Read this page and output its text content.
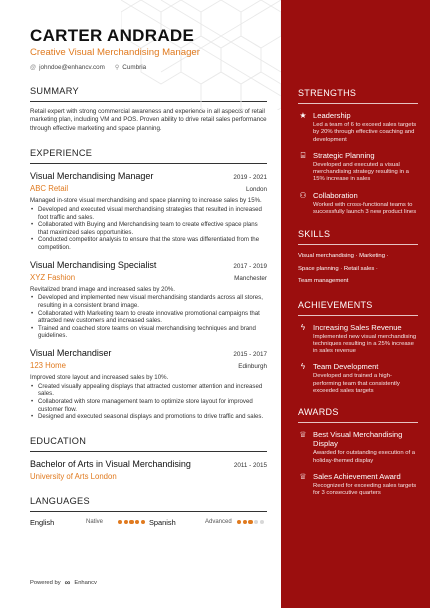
CARTER ANDRADE
Creative Visual Merchandising Manager
@ johndoe@enhancv.com ⚲ Cumbria
SUMMARY

Retail expert with strong commercial awareness and experience in all aspects of retail marketing plan, including VM and POS. Proven ability to drive retail sales performance through effective marketing and space planning.

EXPERIENCE
Visual Merchandising Manager	2019 - 2021
ABC Retail	London

Managed in-store visual merchandising and space planning to increase sales by 15%.

• Developed and executed visual merchandising strategies that resulted in increased foot traffic and sales.
• Collaborated with Buying and Merchandising team to create effective space plans that maximized sales opportunities.
• Conducted competitor analysis to ensure that the store was differentiated from the competition.
Visual Merchandising Specialist	2017 - 2019
XYZ Fashion	Manchester

Revitalized brand image and increased sales by 20%.

• Developed and implemented new visual merchandising standards across all stores, resulting in a consistent brand image.
• Collaborated with Marketing team to create innovative promotional campaigns that attracted new customers and increased sales.
• Trained and coached store teams on visual merchandising techniques and brand guidelines.
Visual Merchandiser	2015 - 2017
123 Home	Edinburgh

Improved store layout and increased sales by 10%.

• Created visually appealing displays that attracted customer attention and increased sales.
• Collaborated with store management team to optimize store layout for improved customer flow.
• Designed and executed seasonal displays and promotions to drive traffic and sales.
EDUCATION
Bachelor of Arts in Visual Merchandising	2011 - 2015
University of Arts London
LANGUAGES
English	Native	Spanish	Advanced
Powered by ∞ Enhancv
STRENGTHS
★ Leadership
Led a team of 6 to exceed sales targets by 20% through effective coaching and development
⌸ Strategic Planning
Developed and executed a visual merchandising strategy resulting in a 15% increase in sales
⚇ Collaboration
Worked with cross-functional teams to successfully launch 3 new product lines
SKILLS
Visual merchandising · Marketing ·
Space planning · Retail sales ·
Team management
ACHIEVEMENTS
ϟ	Increasing Sales Revenue
Implemented new visual merchandising techniques resulting in a 25% increase in sales revenue
ϟ	Team Development
Developed and trained a high-performing team that consistently exceeded sales targets
AWARDS
♕ Best Visual Merchandising Display
Awarded for outstanding execution of a holiday-themed display
♕ Sales Achievement Award
Recognized for exceeding sales targets for 3 consecutive quarters
